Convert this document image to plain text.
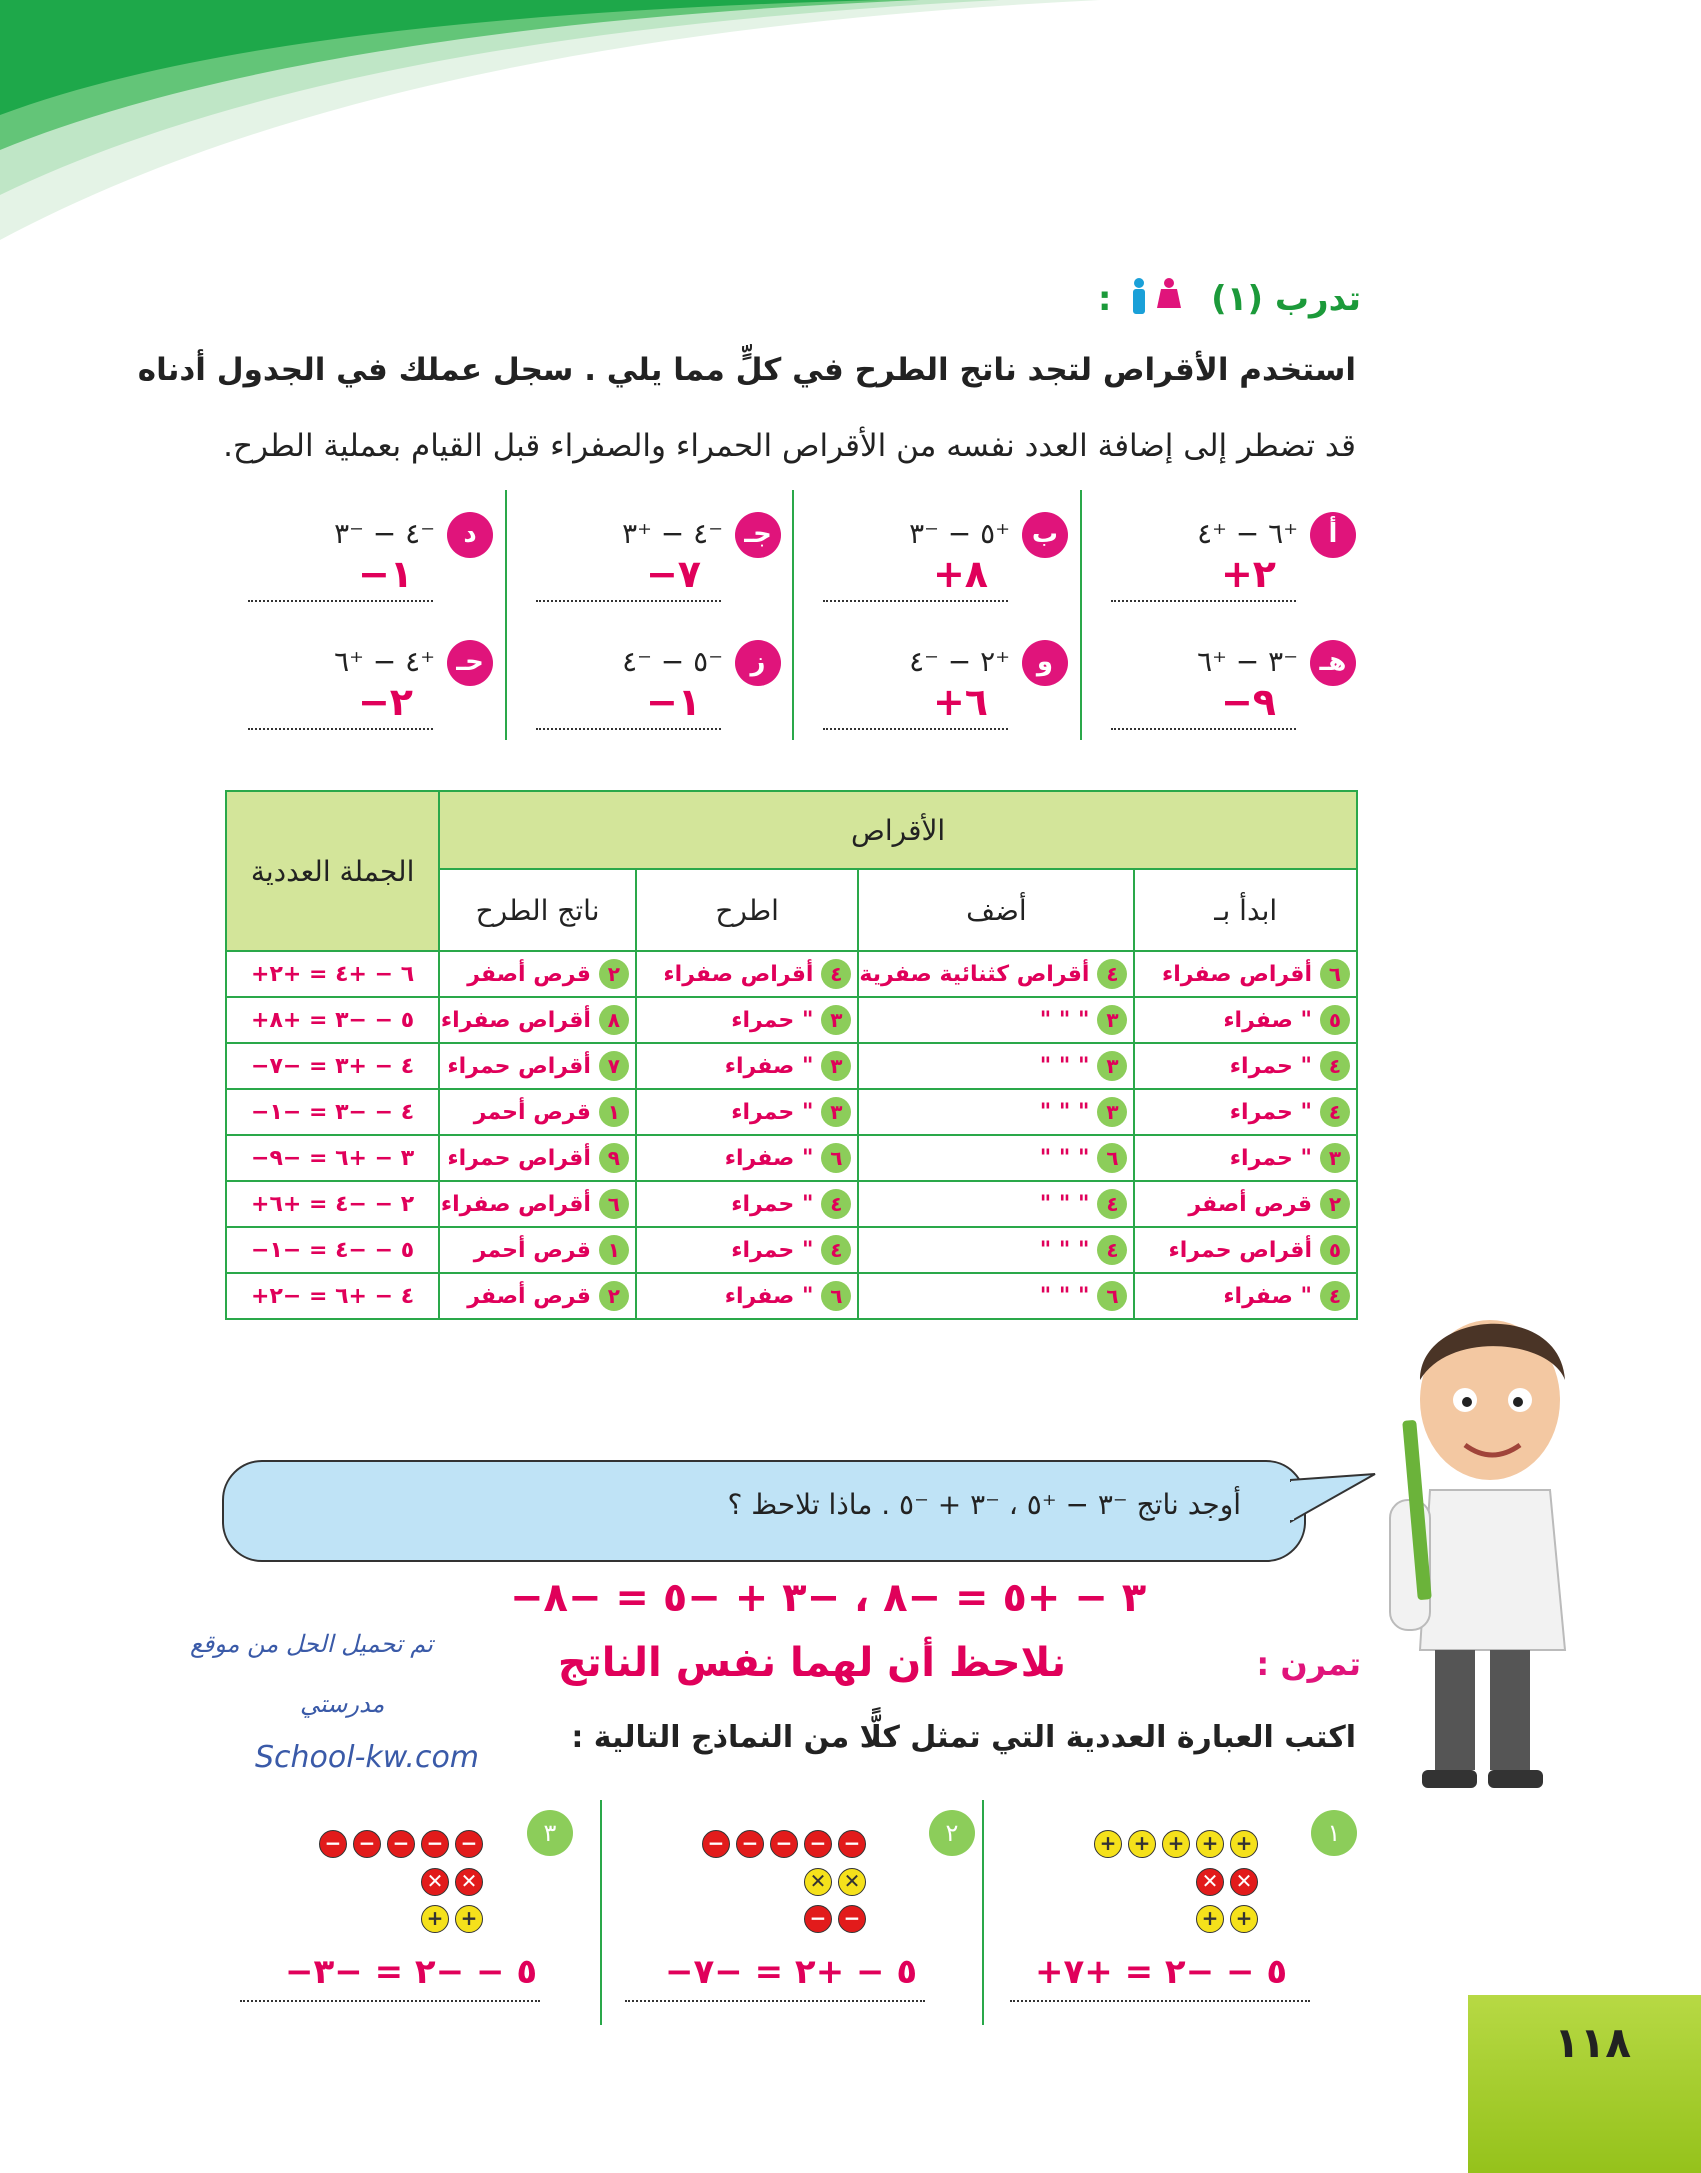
تدرب (١)  :
استخدم الأقراص لتجد ناتج الطرح في كلٍّ مما يلي . سجل عملك في الجدول أدناه
قد تضطر إلى إضافة العدد نفسه من الأقراص الحمراء والصفراء قبل القيام بعملية الطرح.
أ
⁺٦ − ⁺٤
+٢
ب
⁺٥ − ⁻٣
+٨
جـ
⁻٤ − ⁺٣
−٧
د
⁻٤ − ⁻٣
−١
هـ
⁻٣ − ⁺٦
−٩
و
⁺٢ − ⁻٤
+٦
ز
⁻٥ − ⁻٤
−١
حـ
⁺٤ − ⁺٦
−٢
الأقراص				الجملة العددية
ابدأ بـ	أضف	اطرح	ناتج الطرح	
٦أقراص صفراء	٤أقراص كثنائية صفرية	٤أقراص صفراء	٢قرص أصفر	+٦ − +٤ = +٢
٥" صفراء	٣" " "	٣" حمراء	٨أقراص صفراء	+٥ − −٣ = +٨
٤" حمراء	٣" " "	٣" صفراء	٧أقراص حمراء	−٤ − +٣ = −٧
٤" حمراء	٣" " "	٣" حمراء	١قرص أحمر	−٤ − −٣ = −١
٣" حمراء	٦" " "	٦" صفراء	٩أقراص حمراء	−٣ − +٦ = −٩
٢قرص أصفر	٤" " "	٤" حمراء	٦أقراص صفراء	+٢ − −٤ = +٦
٥أقراص حمراء	٤" " "	٤" حمراء	١قرص أحمر	−٥ − −٤ = −١
٤" صفراء	٦" " "	٦" صفراء	٢قرص أصفر	+٤ − +٦ = −٢
أوجد ناتج ⁻٣ − ⁺٥ ، ⁻٣ + ⁻٥ . ماذا تلاحظ ؟
−٣ − +٥ = −٨ ، −٣ + −٥ = −٨
نلاحظ أن لهما نفس الناتج
تم تحميل الحل من موقع
مدرستي
School-kw.com
تمرن :
اكتب العبارة العددية التي تمثل كلًّا من النماذج التالية :
١
+++++
✕✕
++
+٥ − −٢ = +٧
٢
−−−−−
✕✕
−−
−٥ − +٢ = −٧
٣
−−−−−
✕✕
++
−٥ − −٢ = −٣
١١٨
